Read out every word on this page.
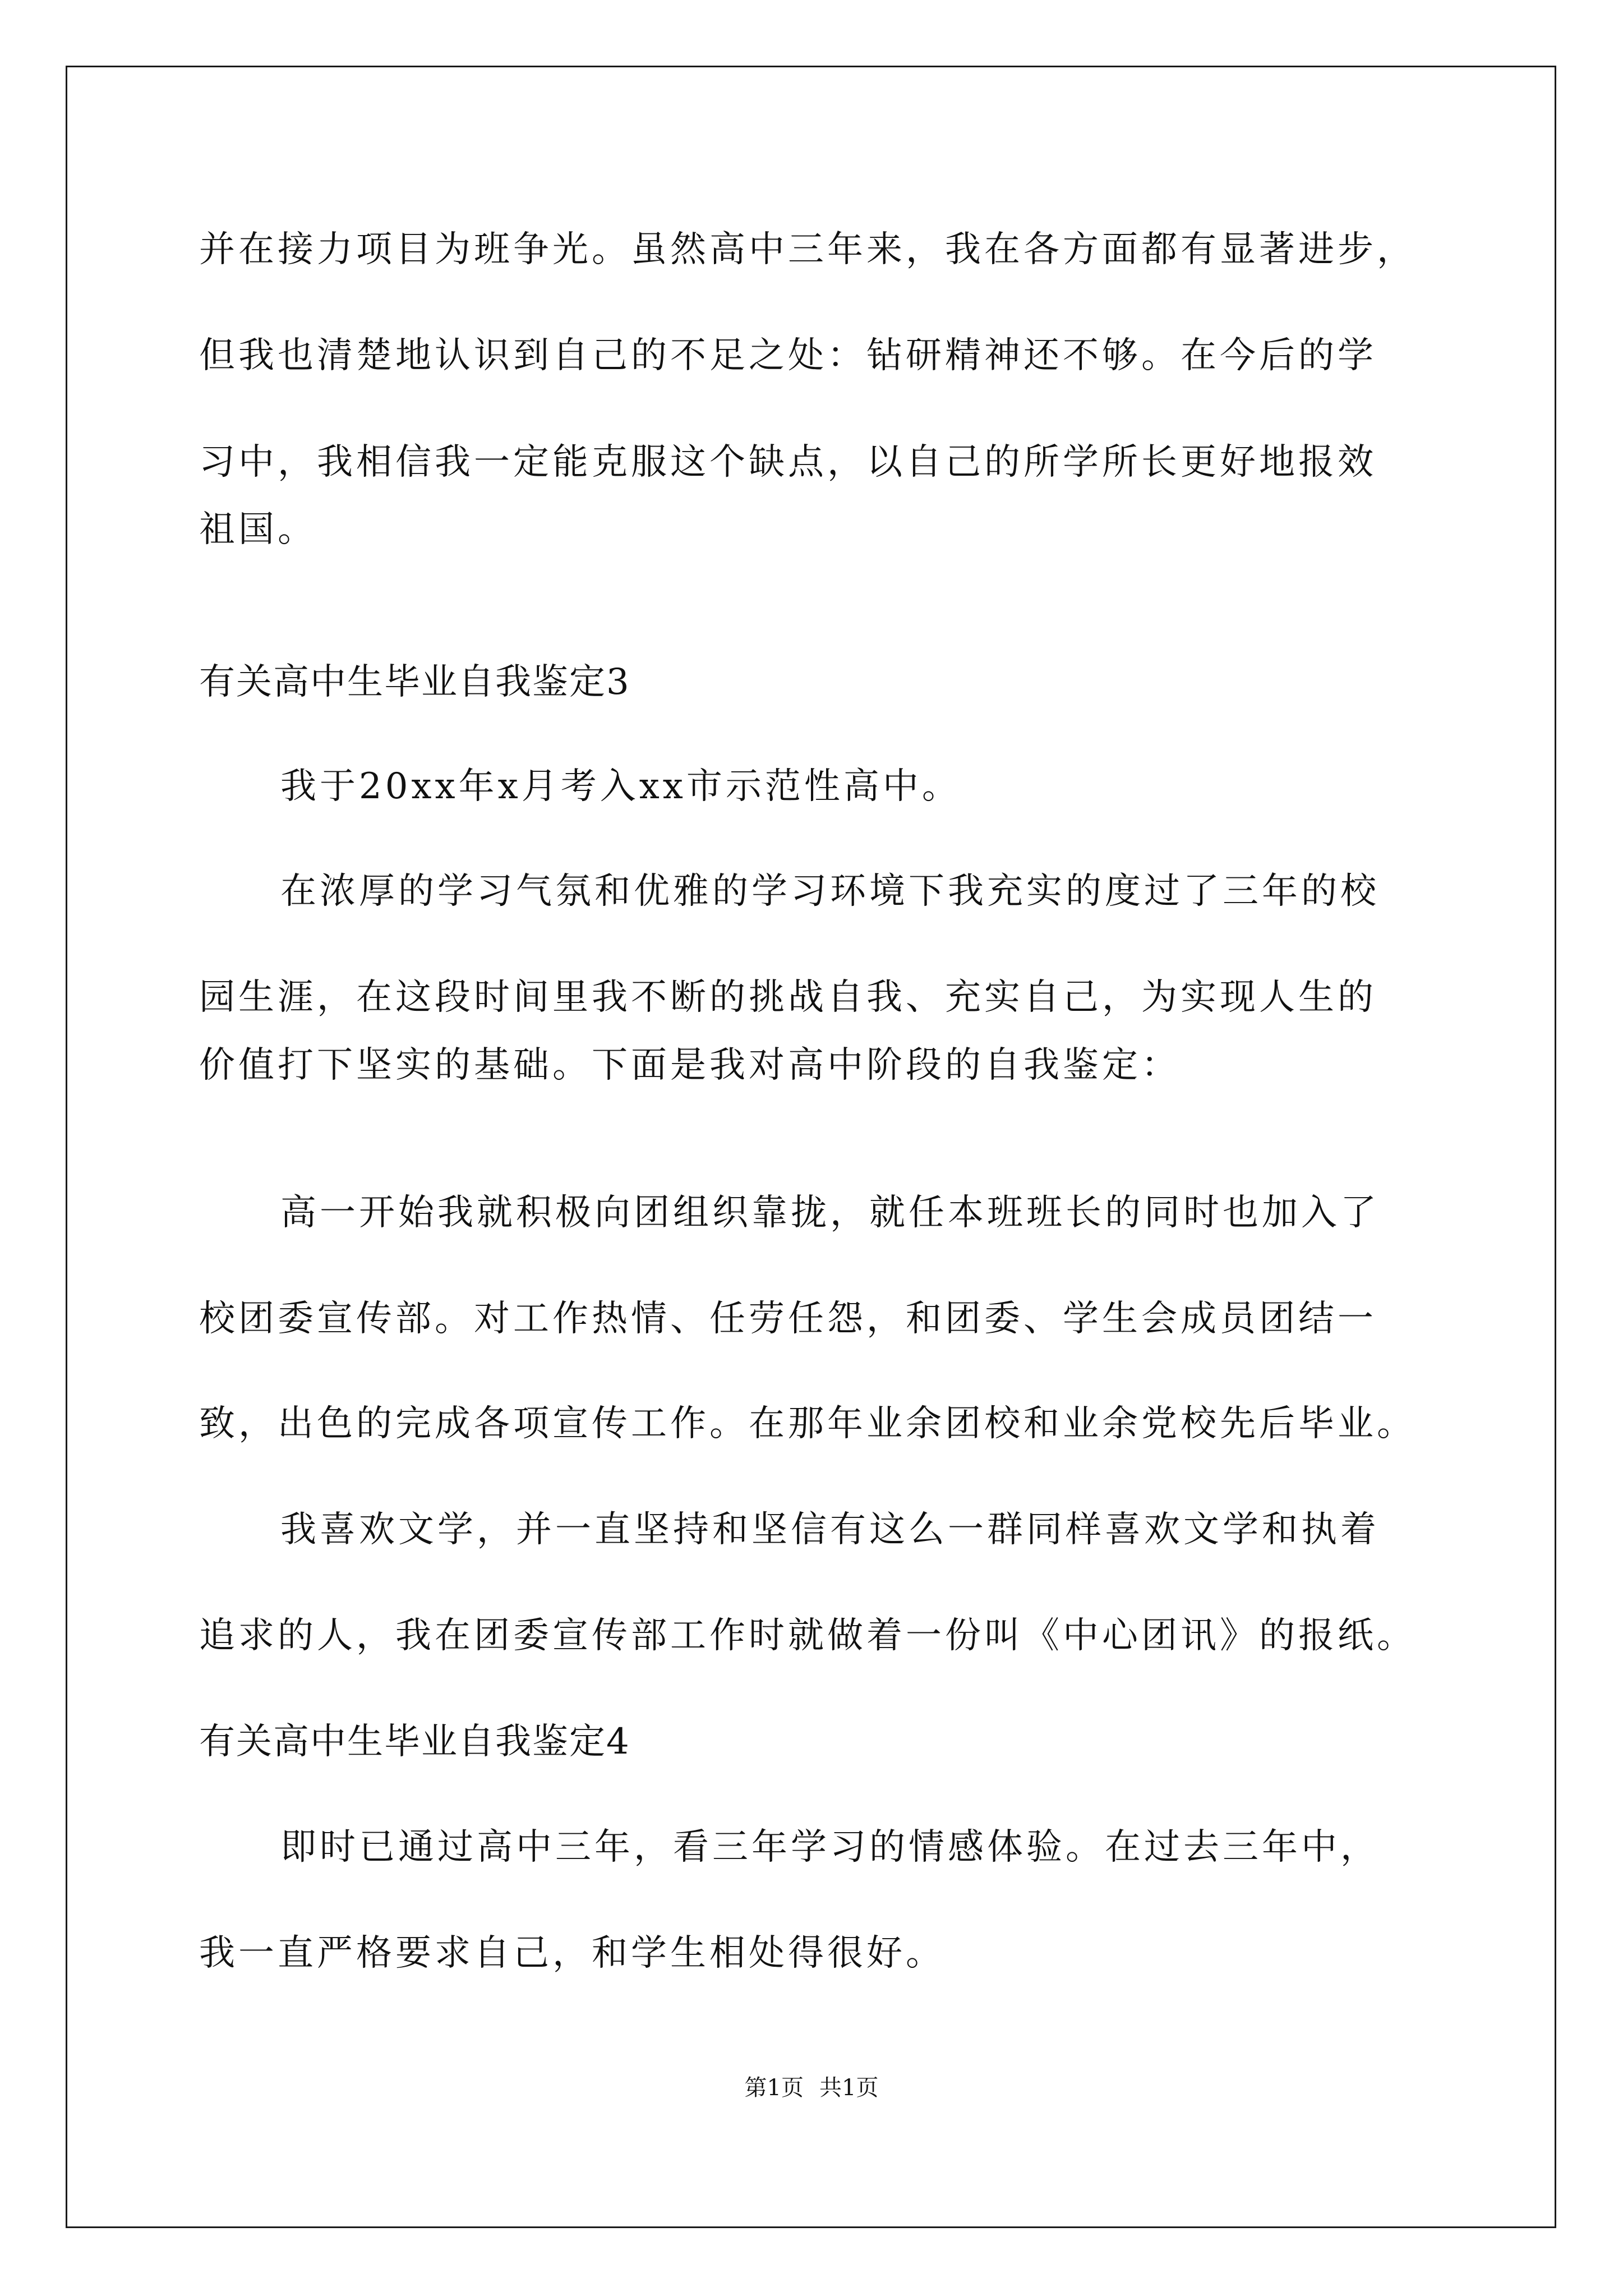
并在接力项目为班争光。虽然高中三年来，我在各方面都有显著进步，

但我也清楚地认识到自己的不足之处：钻研精神还不够。在今后的学

习中，我相信我一定能克服这个缺点，以自己的所学所长更好地报效

祖国。

有关高中生毕业自我鉴定3

我于20xx年x月考入xx市示范性高中。

在浓厚的学习气氛和优雅的学习环境下我充实的度过了三年的校

园生涯，在这段时间里我不断的挑战自我、充实自己，为实现人生的

价值打下坚实的基础。下面是我对高中阶段的自我鉴定：

高一开始我就积极向团组织靠拢，就任本班班长的同时也加入了

校团委宣传部。对工作热情、任劳任怨，和团委、学生会成员团结一

致，出色的完成各项宣传工作。在那年业余团校和业余党校先后毕业。

我喜欢文学，并一直坚持和坚信有这么一群同样喜欢文学和执着

追求的人，我在团委宣传部工作时就做着一份叫《中心团讯》的报纸。

有关高中生毕业自我鉴定4

即时已通过高中三年，看三年学习的情感体验。在过去三年中，

我一直严格要求自己，和学生相处得很好。

第1页 共1页
